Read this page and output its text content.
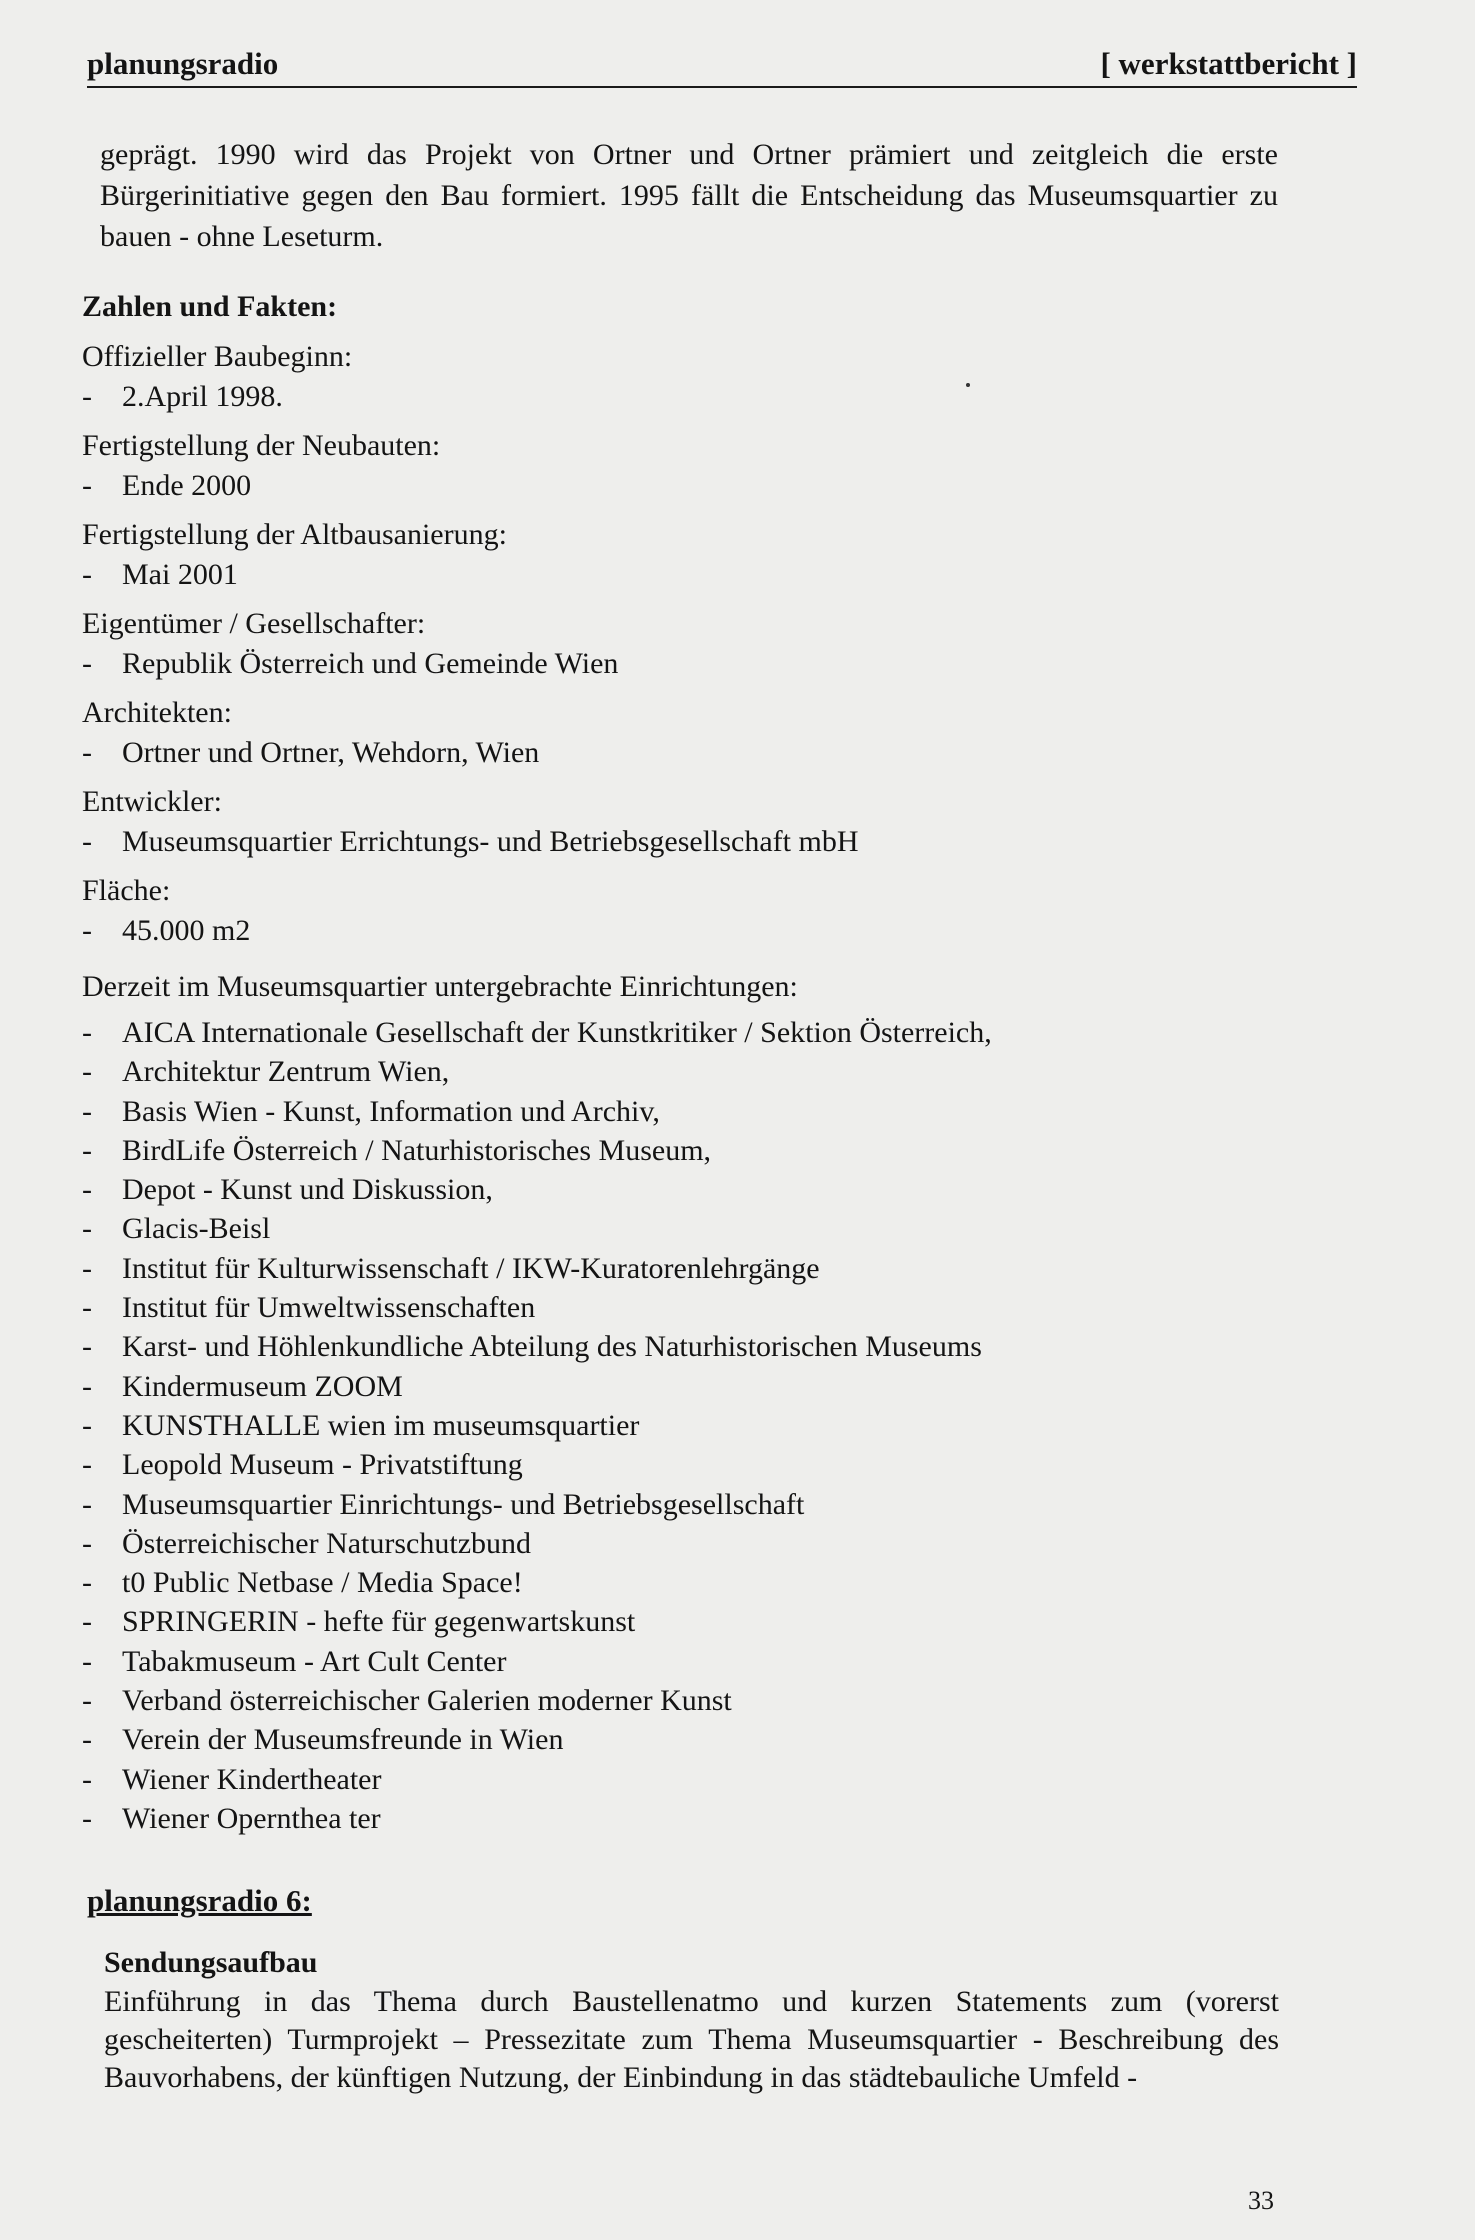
planungsradio	[ werkstattbericht ]
geprägt. 1990 wird das Projekt von Ortner und Ortner prämiert und zeitgleich die erste Bürgerinitiative gegen den Bau formiert. 1995 fällt die Entscheidung das Museumsquartier zu bauen - ohne Leseturm.
Zahlen und Fakten:
Offizieller Baubeginn:
- 2.April 1998.
Fertigstellung der Neubauten:
- Ende 2000
Fertigstellung der Altbausanierung:
- Mai 2001
Eigentümer / Gesellschafter:
- Republik Österreich und Gemeinde Wien
Architekten:
- Ortner und Ortner, Wehdorn, Wien
Entwickler:
- Museumsquartier Errichtungs- und Betriebsgesellschaft mbH
Fläche:
- 45.000 m2
Derzeit im Museumsquartier untergebrachte Einrichtungen:
- AICA Internationale Gesellschaft der Kunstkritiker / Sektion Österreich,
- Architektur Zentrum Wien,
- Basis Wien - Kunst, Information und Archiv,
- BirdLife Österreich / Naturhistorisches Museum,
- Depot - Kunst und Diskussion,
- Glacis-Beisl
- Institut für Kulturwissenschaft / IKW-Kuratorenlehrgänge
- Institut für Umweltwissenschaften
- Karst- und Höhlenkundliche Abteilung des Naturhistorischen Museums
- Kindermuseum ZOOM
- KUNSTHALLE wien im museumsquartier
- Leopold Museum - Privatstiftung
- Museumsquartier Einrichtungs- und Betriebsgesellschaft
- Österreichischer Naturschutzbund
- t0 Public Netbase / Media Space!
- SPRINGERIN - hefte für gegenwartskunst
- Tabakmuseum - Art Cult Center
- Verband österreichischer Galerien moderner Kunst
- Verein der Museumsfreunde in Wien
- Wiener Kindertheater
- Wiener Opernthea ter
planungsradio 6:
Sendungsaufbau
Einführung in das Thema durch Baustellenatmo und kurzen Statements zum (vorerst gescheiterten) Turmprojekt – Pressezitate zum Thema Museumsquartier - Beschreibung des Bauvorhabens, der künftigen Nutzung, der Einbindung in das städtebauliche Umfeld -
33
